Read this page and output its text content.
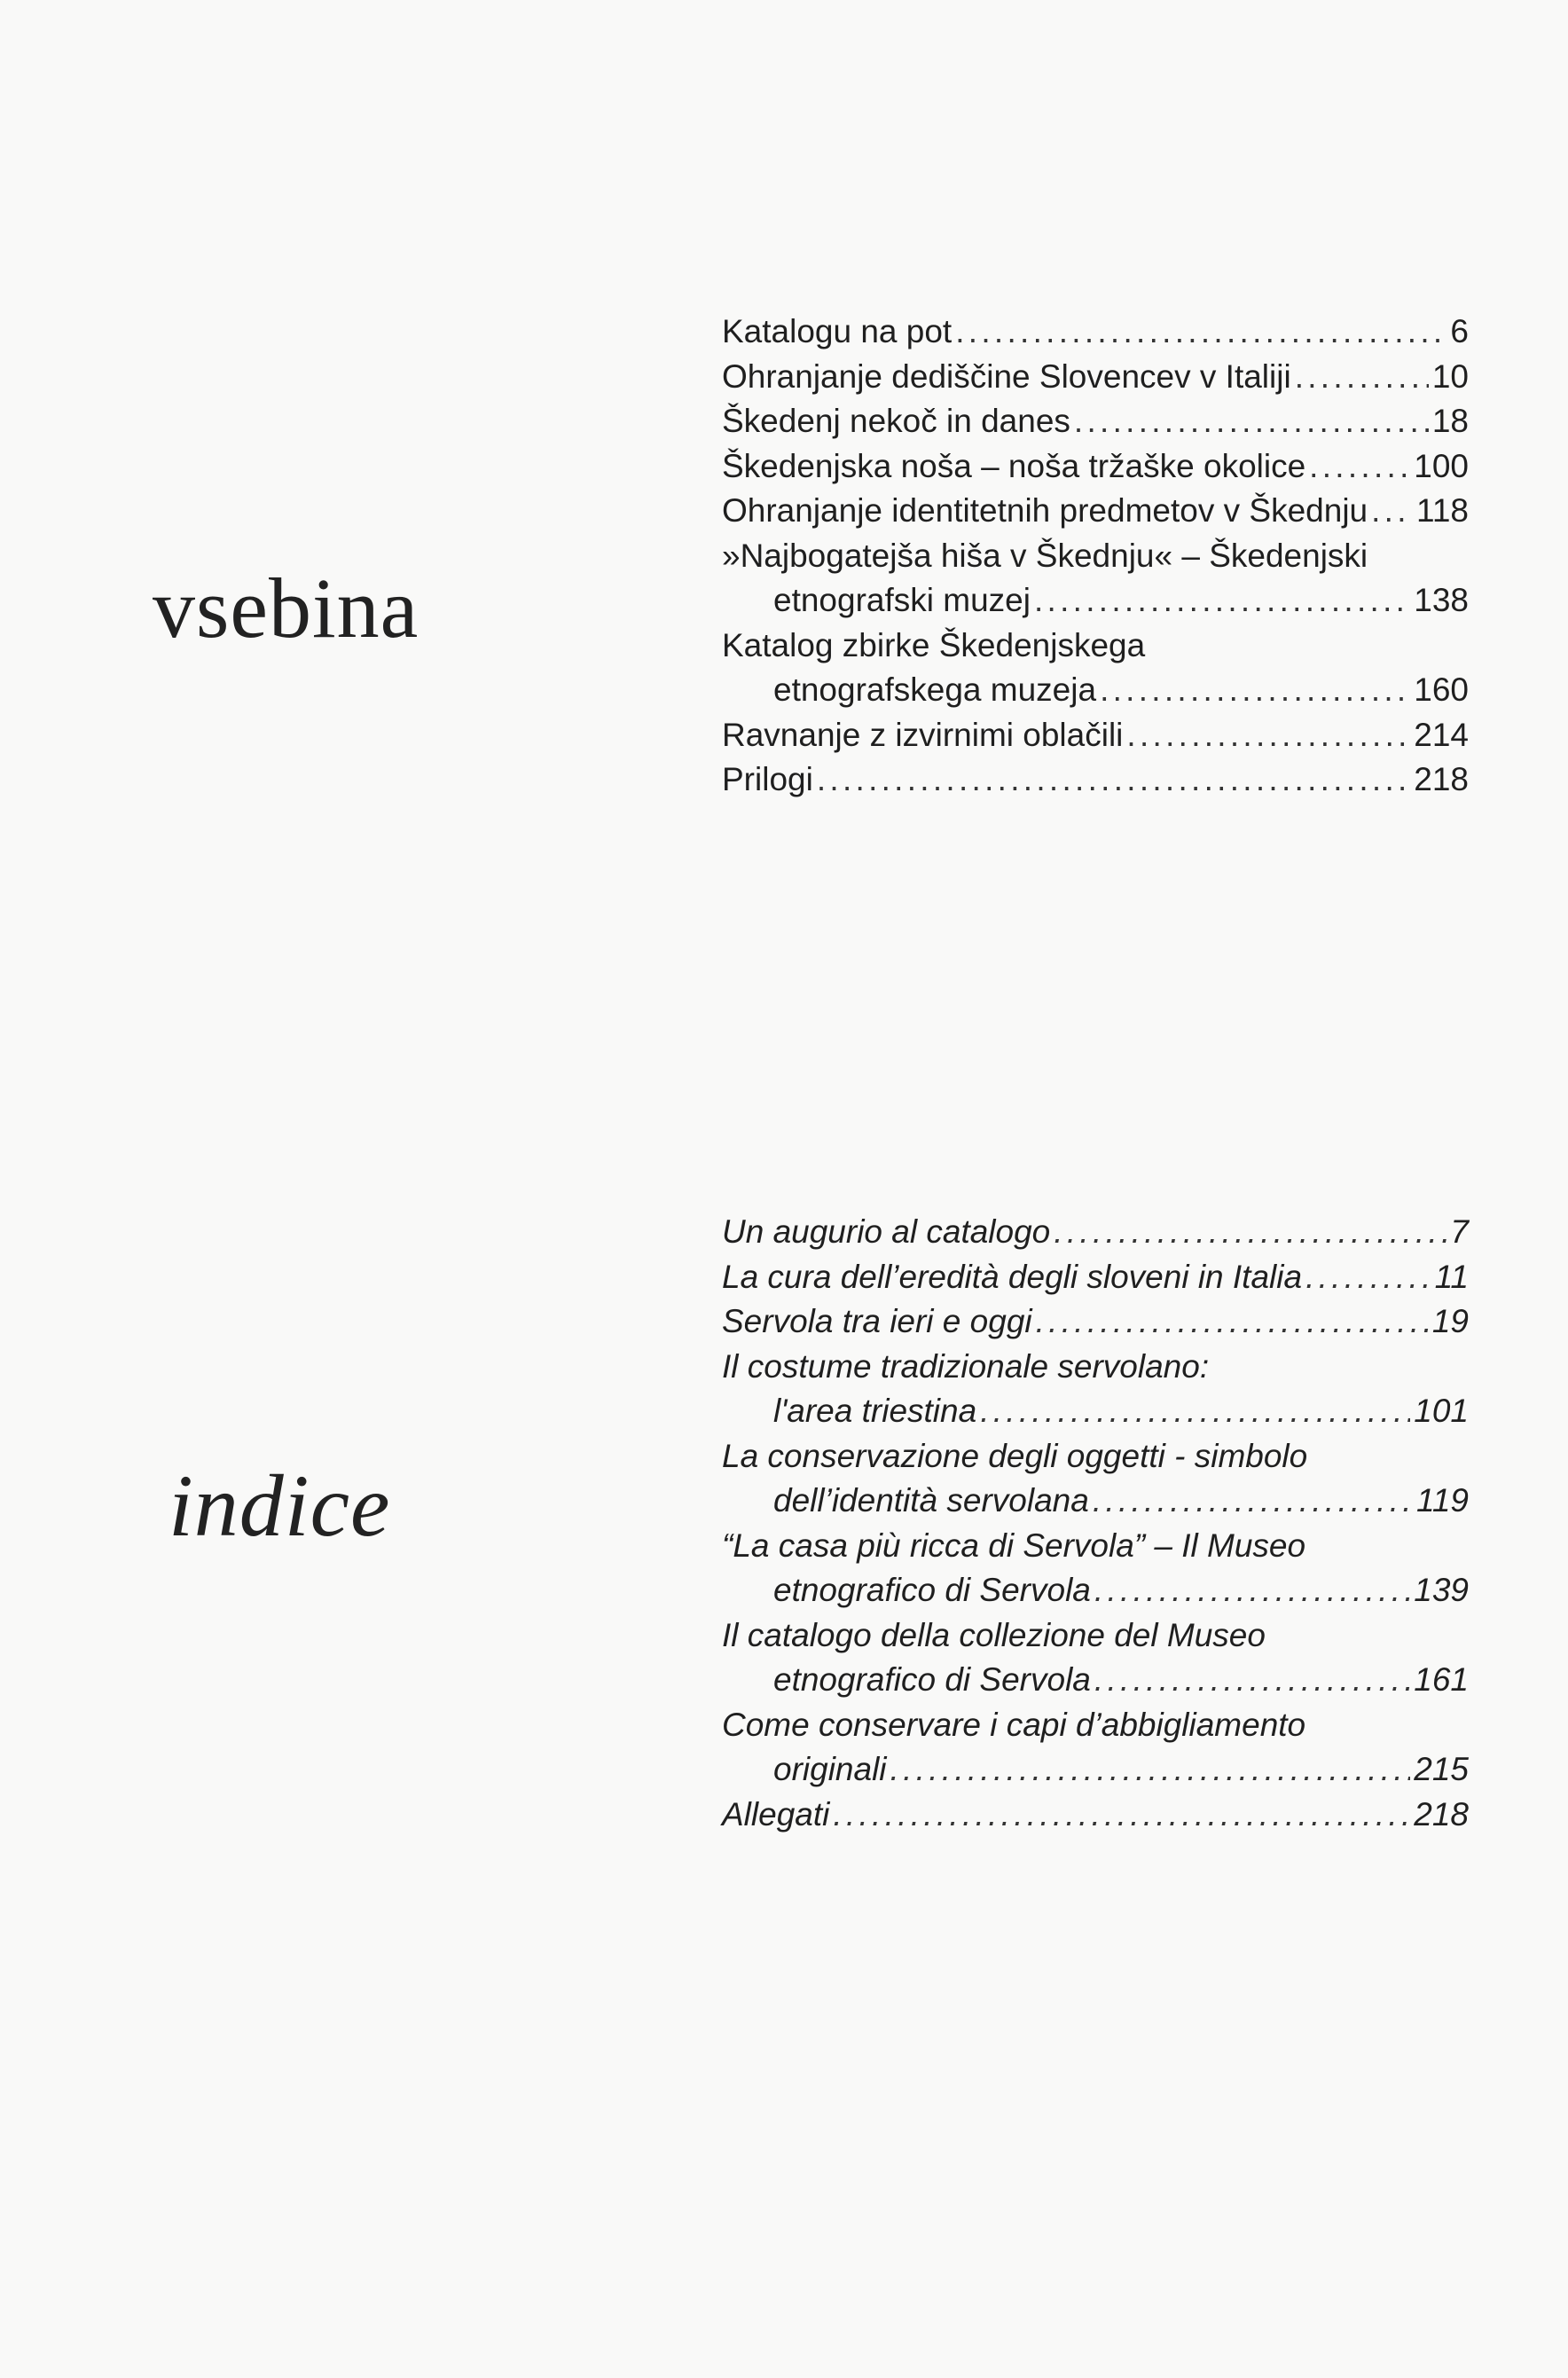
vsebina
Katalogu na pot . . .	6
Ohranjanje dediščine Slovencev v Italiji . . .	10
Škedenj nekoč in danes . . .	18
Škedenjska noša – noša tržaške okolice . . .	100
Ohranjanje identitetnih predmetov v Škednju . . . 118
»Najbogatejša hiša v Škednju« – Škedenjski
etnografski muzej . . .	138
Katalog zbirke Škedenjskega
etnografskega muzeja . . .	160
Ravnanje z izvirnimi oblačili . . .	214
Prilogi . . .	218
indice
Un augurio al catalogo . . .	7
La cura dell’eredità degli sloveni in Italia . . .	11
Servola tra ieri e oggi . . .	19
Il costume tradizionale servolano:
l'area triestina . . .	101
La conservazione degli oggetti - simbolo
dell’identità servolana . . .	119
“La casa più ricca di Servola” – Il Museo
etnografico di Servola . . .	139
Il catalogo della collezione del Museo
etnografico di Servola . . .	161
Come conservare i capi d’abbigliamento
originali . . .	215
Allegati . . .	218
